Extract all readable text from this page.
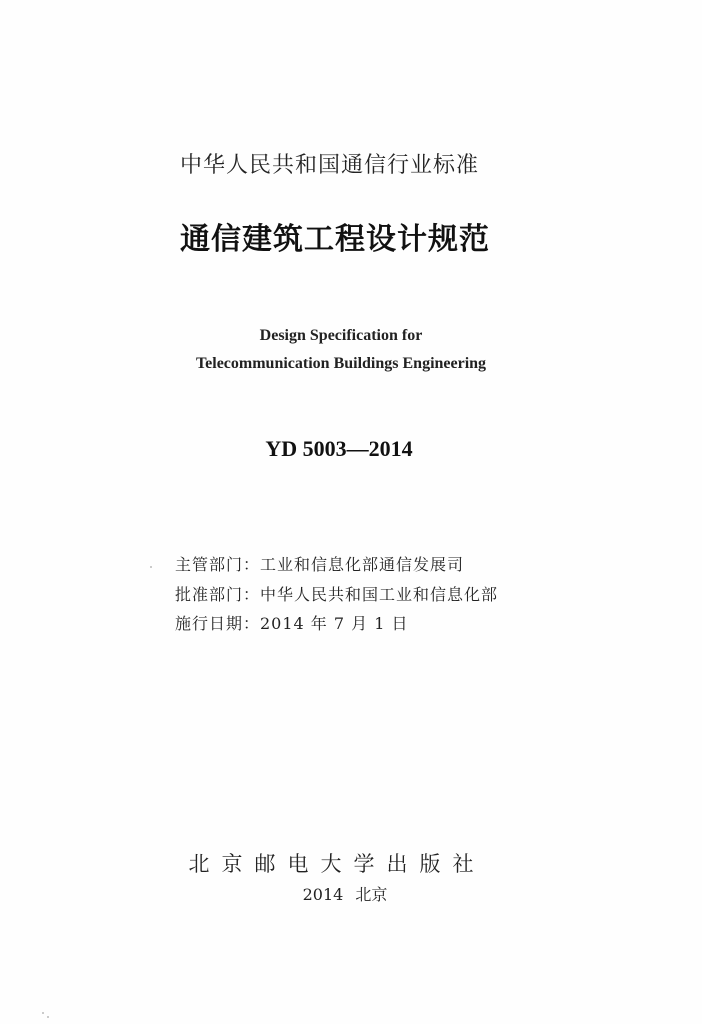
中华人民共和国通信行业标准

通信建筑工程设计规范

Design Specification for

Telecommunication Buildings Engineering

YD 5003—2014

主管部门：工业和信息化部通信发展司

批准部门：中华人民共和国工业和信息化部

施行日期：2014 年 7 月 1 日

北京邮电大学出版社

2014 北京
